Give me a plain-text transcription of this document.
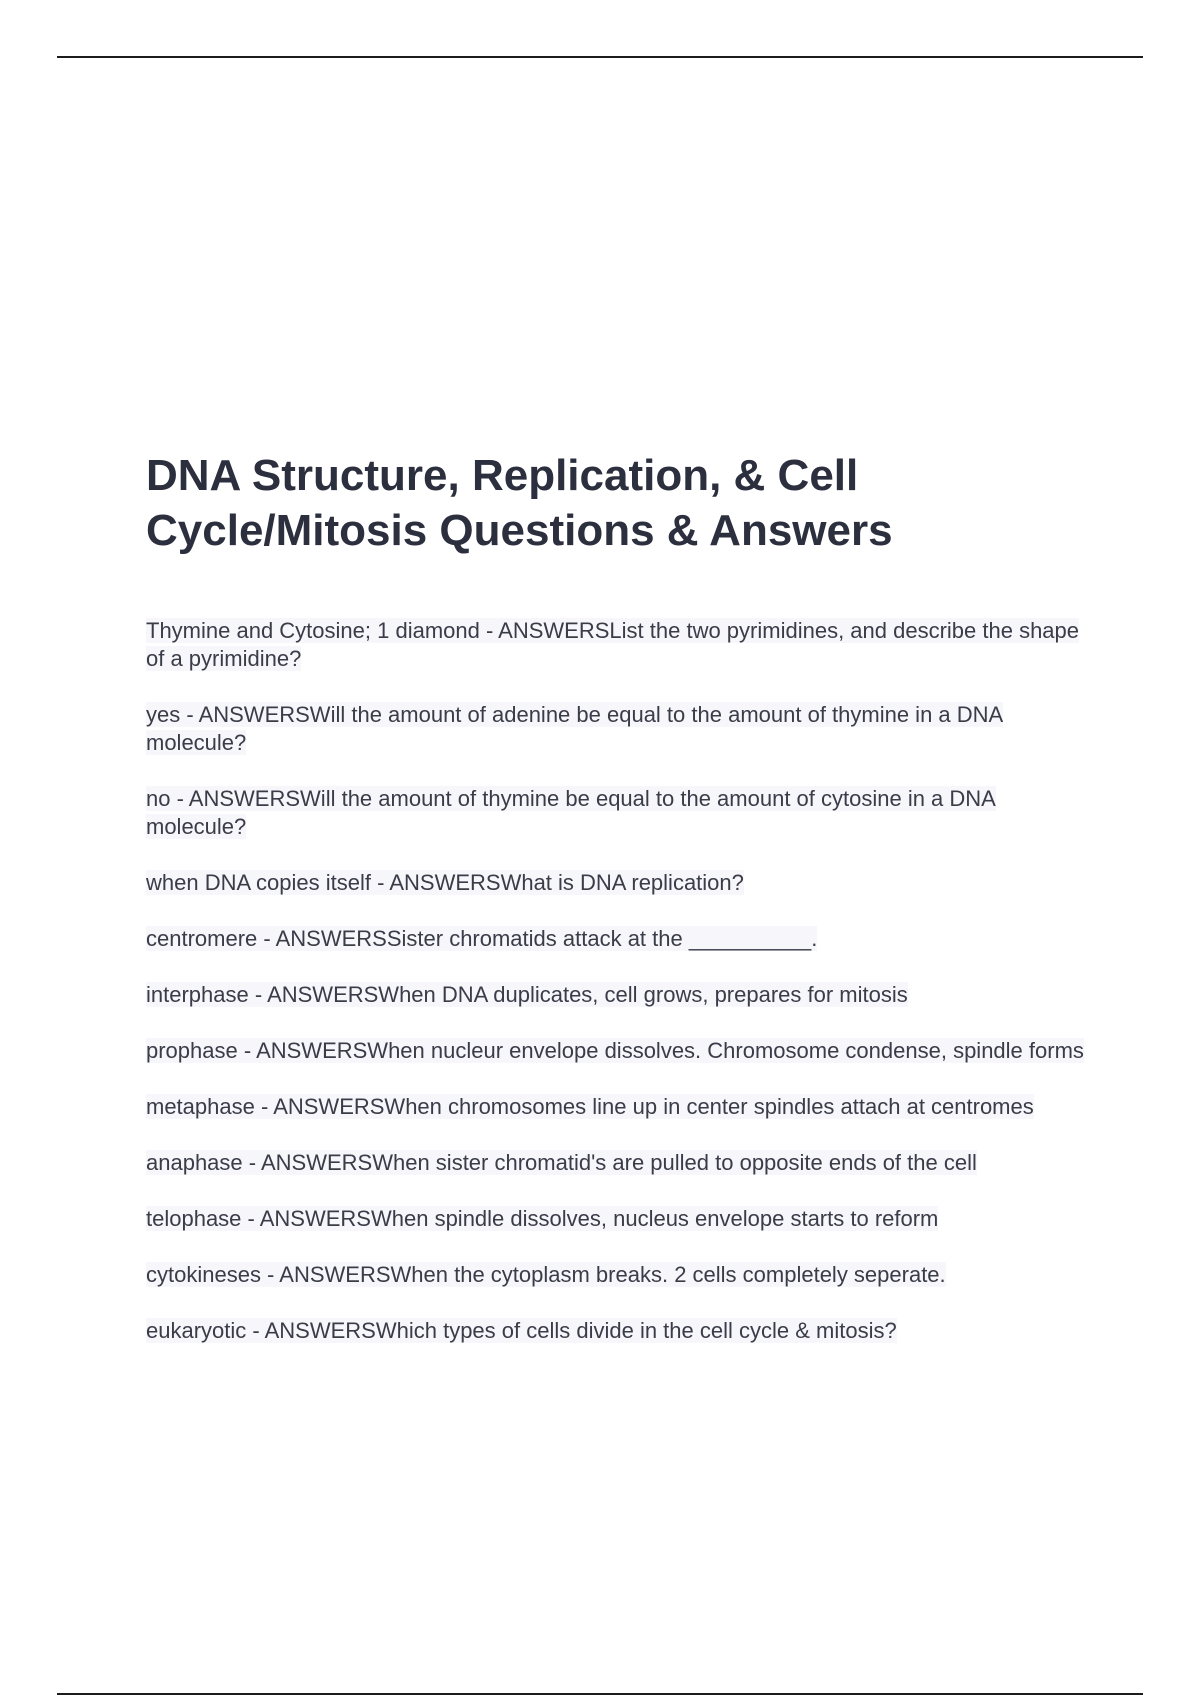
DNA Structure, Replication, & Cell Cycle/Mitosis Questions & Answers
Thymine and Cytosine; 1 diamond - ANSWERSList the two pyrimidines, and describe the shape of a pyrimidine?
yes - ANSWERSWill the amount of adenine be equal to the amount of thymine in a DNA molecule?
no - ANSWERSWill the amount of thymine be equal to the amount of cytosine in a DNA molecule?
when DNA copies itself - ANSWERSWhat is DNA replication?
centromere - ANSWERSSister chromatids attack at the __________.
interphase - ANSWERSWhen DNA duplicates, cell grows, prepares for mitosis
prophase - ANSWERSWhen nucleur envelope dissolves. Chromosome condense, spindle forms
metaphase - ANSWERSWhen chromosomes line up in center spindles attach at centromes
anaphase - ANSWERSWhen sister chromatid's are pulled to opposite ends of the cell
telophase - ANSWERSWhen spindle dissolves, nucleus envelope starts to reform
cytokineses - ANSWERSWhen the cytoplasm breaks. 2 cells completely seperate.
eukaryotic - ANSWERSWhich types of cells divide in the cell cycle & mitosis?
